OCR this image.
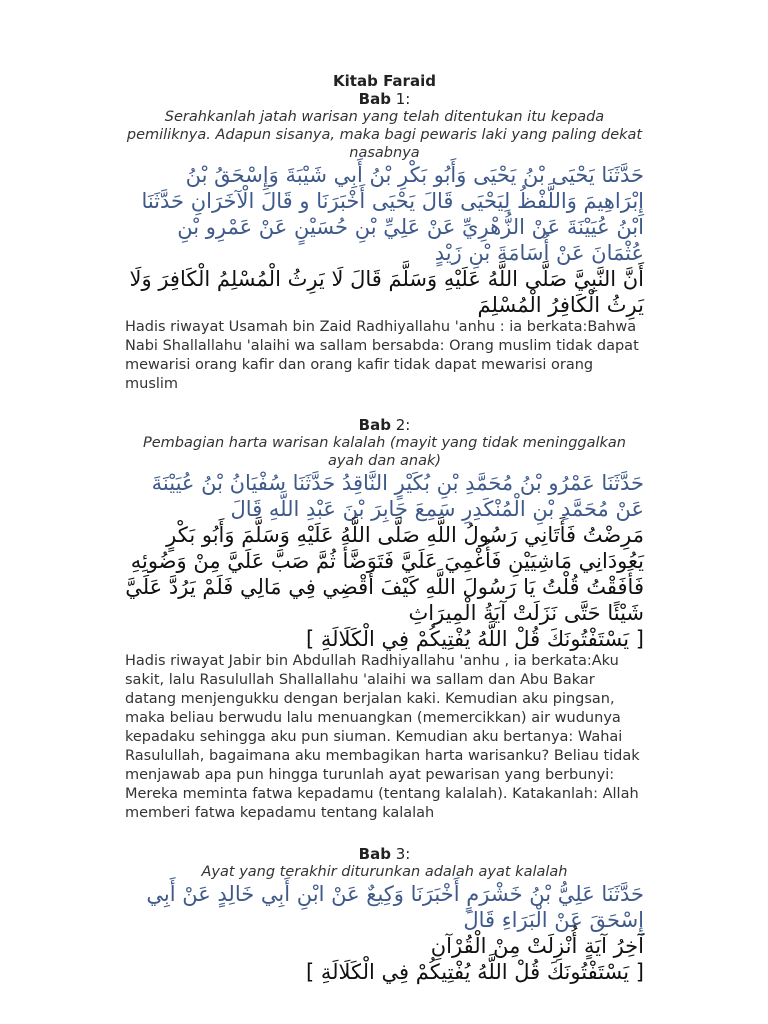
Kitab Faraid

Bab 1:

Serahkanlah jatah warisan yang telah ditentukan itu kepada pemiliknya. Adapun sisanya, maka bagi pewaris laki yang paling dekat nasabnya

حَدَّثَنَا يَحْيَى بْنُ يَحْيَى وَأَبُو بَكْرِ بْنُ أَبِي شَيْبَةَ وَإِسْحَقُ بْنُ إِبْرَاهِيمَ وَاللَّفْظُ لِيَحْيَى قَالَ يَحْيَى أَخْبَرَنَا و قَالَ الْآخَرَانِ حَدَّثَنَا ابْنُ عُيَيْنَةَ عَنْ الزُّهْرِيِّ عَنْ عَلِيِّ بْنِ حُسَيْنٍ عَنْ عَمْرِو بْنِ عُثْمَانَ عَنْ أُسَامَةَ بْنِ زَيْدٍ

أَنَّ النَّبِيَّ صَلَّى اللَّهُ عَلَيْهِ وَسَلَّمَ قَالَ لَا يَرِثُ الْمُسْلِمُ الْكَافِرَ وَلَا يَرِثُ الْكَافِرُ الْمُسْلِمَ

Hadis riwayat Usamah bin Zaid Radhiyallahu 'anhu : ia berkata:Bahwa Nabi Shallallahu 'alaihi wa sallam bersabda: Orang muslim tidak dapat mewarisi orang kafir dan orang kafir tidak dapat mewarisi orang muslim

Bab 2:

Pembagian harta warisan kalalah (mayit yang tidak meninggalkan ayah dan anak)

حَدَّثَنَا عَمْرُو بْنُ مُحَمَّدِ بْنِ بُكَيْرٍ النَّاقِدُ حَدَّثَنَا سُفْيَانُ بْنُ عُيَيْنَةَ عَنْ مُحَمَّدِ بْنِ الْمُنْكَدِرِ سَمِعَ جَابِرَ بْنَ عَبْدِ اللَّهِ قَالَ

مَرِضْتُ فَأَتَانِي رَسُولُ اللَّهِ صَلَّى اللَّهُ عَلَيْهِ وَسَلَّمَ وَأَبُو بَكْرٍ يَعُودَانِي مَاشِيَيْنِ فَأُغْمِيَ عَلَيَّ فَتَوَضَّأَ ثُمَّ صَبَّ عَلَيَّ مِنْ وَضُوئِهِ فَأَفَقْتُ قُلْتُ يَا رَسُولَ اللَّهِ كَيْفَ أَقْضِي فِي مَالِي فَلَمْ يَرُدَّ عَلَيَّ شَيْئًا حَتَّى نَزَلَتْ آيَةُ الْمِيرَاثِ

[ يَسْتَفْتُونَكَ قُلْ اللَّهُ يُفْتِيكُمْ فِي الْكَلَالَةِ ]

Hadis riwayat Jabir bin Abdullah Radhiyallahu 'anhu , ia berkata:Aku sakit, lalu Rasulullah Shallallahu 'alaihi wa sallam dan Abu Bakar datang menjengukku dengan berjalan kaki. Kemudian aku pingsan, maka beliau berwudu lalu menuangkan (memercikkan) air wudunya kepadaku sehingga aku pun siuman. Kemudian aku bertanya: Wahai Rasulullah, bagaimana aku membagikan harta warisanku? Beliau tidak menjawab apa pun hingga turunlah ayat pewarisan yang berbunyi: Mereka meminta fatwa kepadamu (tentang kalalah). Katakanlah: Allah memberi fatwa kepadamu tentang kalalah

Bab 3:

Ayat yang terakhir diturunkan adalah ayat kalalah

حَدَّثَنَا عَلِيُّ بْنُ خَشْرَمٍ أَخْبَرَنَا وَكِيعٌ عَنْ ابْنِ أَبِي خَالِدٍ عَنْ أَبِي إِسْحَقَ عَنْ الْبَرَاءِ قَالَ

آخِرُ آيَةٍ أُنْزِلَتْ مِنْ الْقُرْآنِ

[ يَسْتَفْتُونَكَ قُلْ اللَّهُ يُفْتِيكُمْ فِي الْكَلَالَةِ ]
